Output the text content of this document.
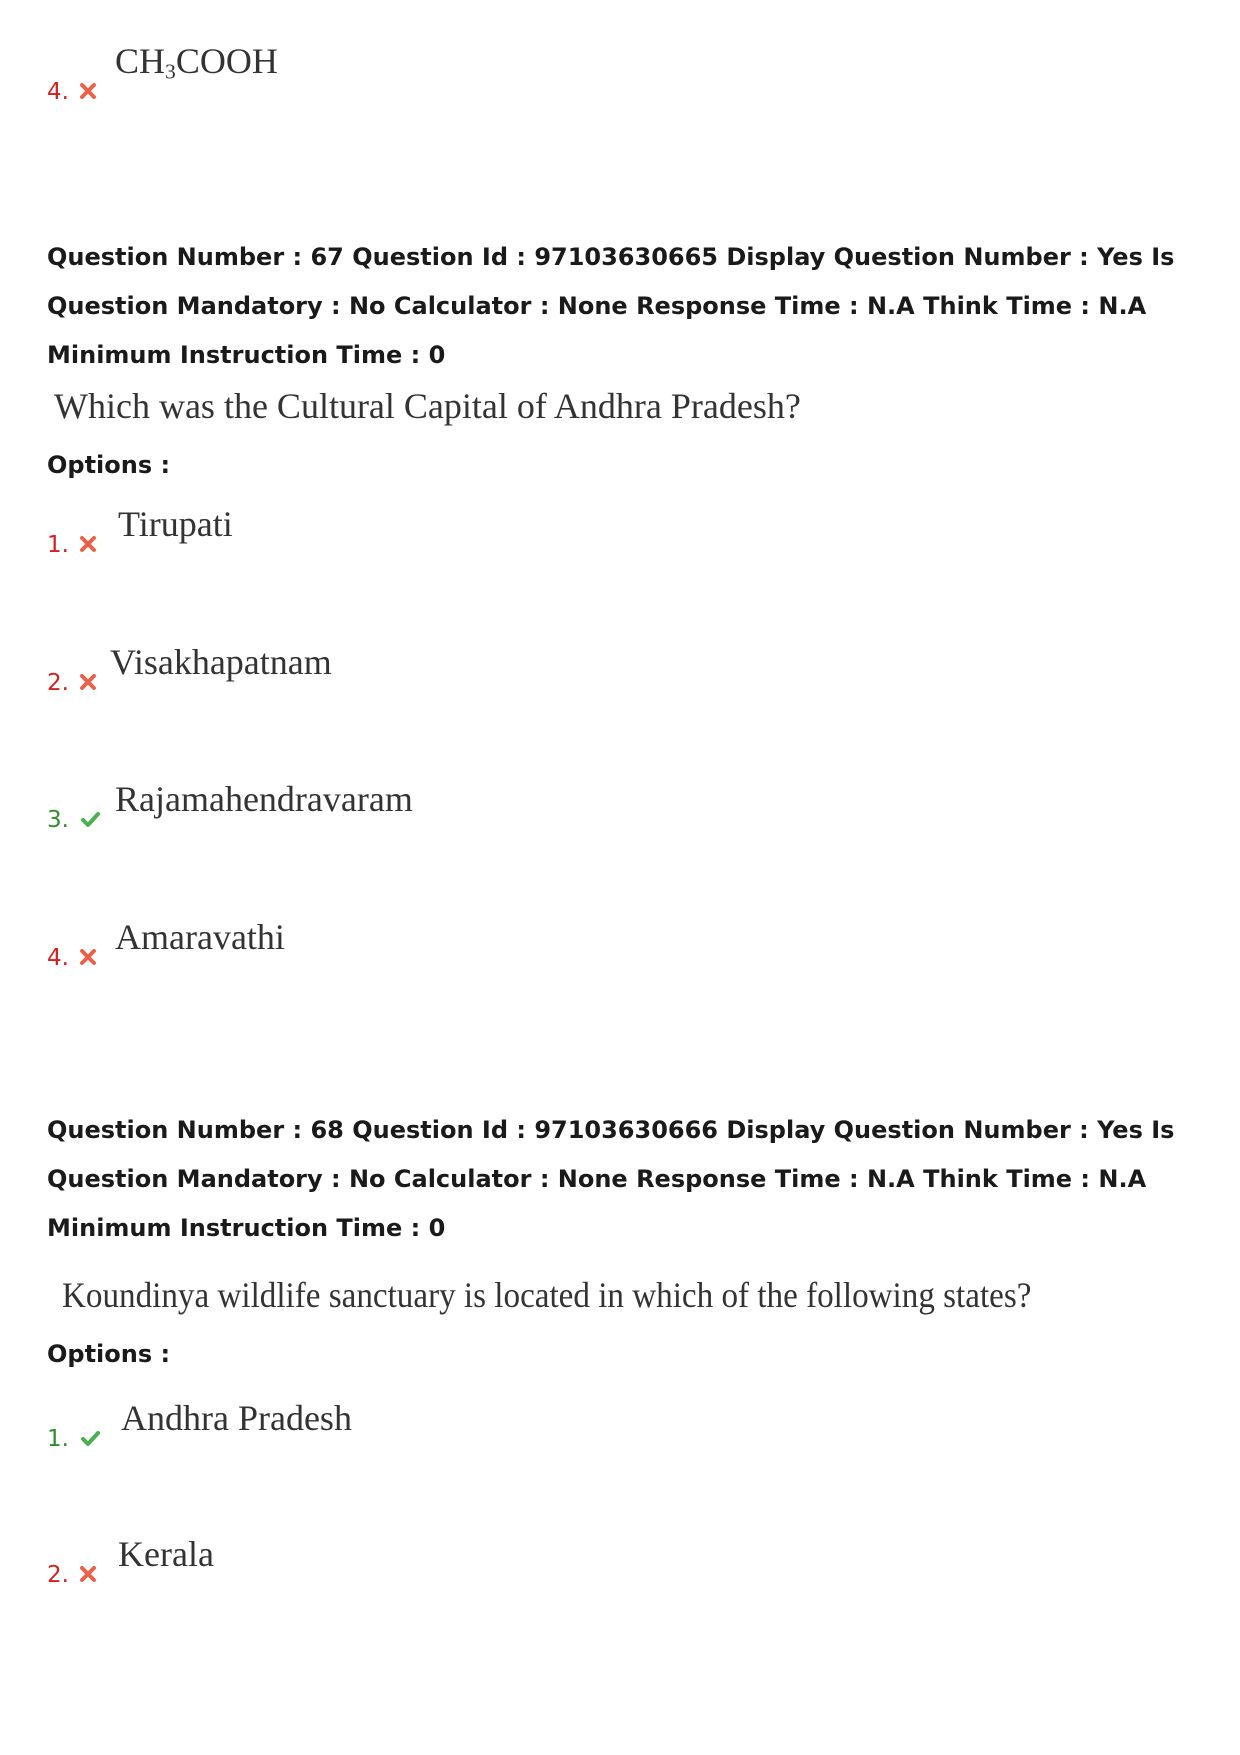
4.
$CH_3COOH$
Question Number : 67 Question Id : 97103630665 Display Question Number : Yes Is Question Mandatory : No Calculator : None Response Time : N.A Think Time : N.A Minimum Instruction Time : 0
Which was the Cultural Capital of Andhra Pradesh?
Options :
1.
Tirupati
2.
Visakhapatnam
3.
Rajamahendravaram
4.
Amaravathi
Question Number : 68 Question Id : 97103630666 Display Question Number : Yes Is Question Mandatory : No Calculator : None Response Time : N.A Think Time : N.A Minimum Instruction Time : 0
Koundinya wildlife sanctuary is located in which of the following states?
Options :
1.
Andhra Pradesh
2.
Kerala
